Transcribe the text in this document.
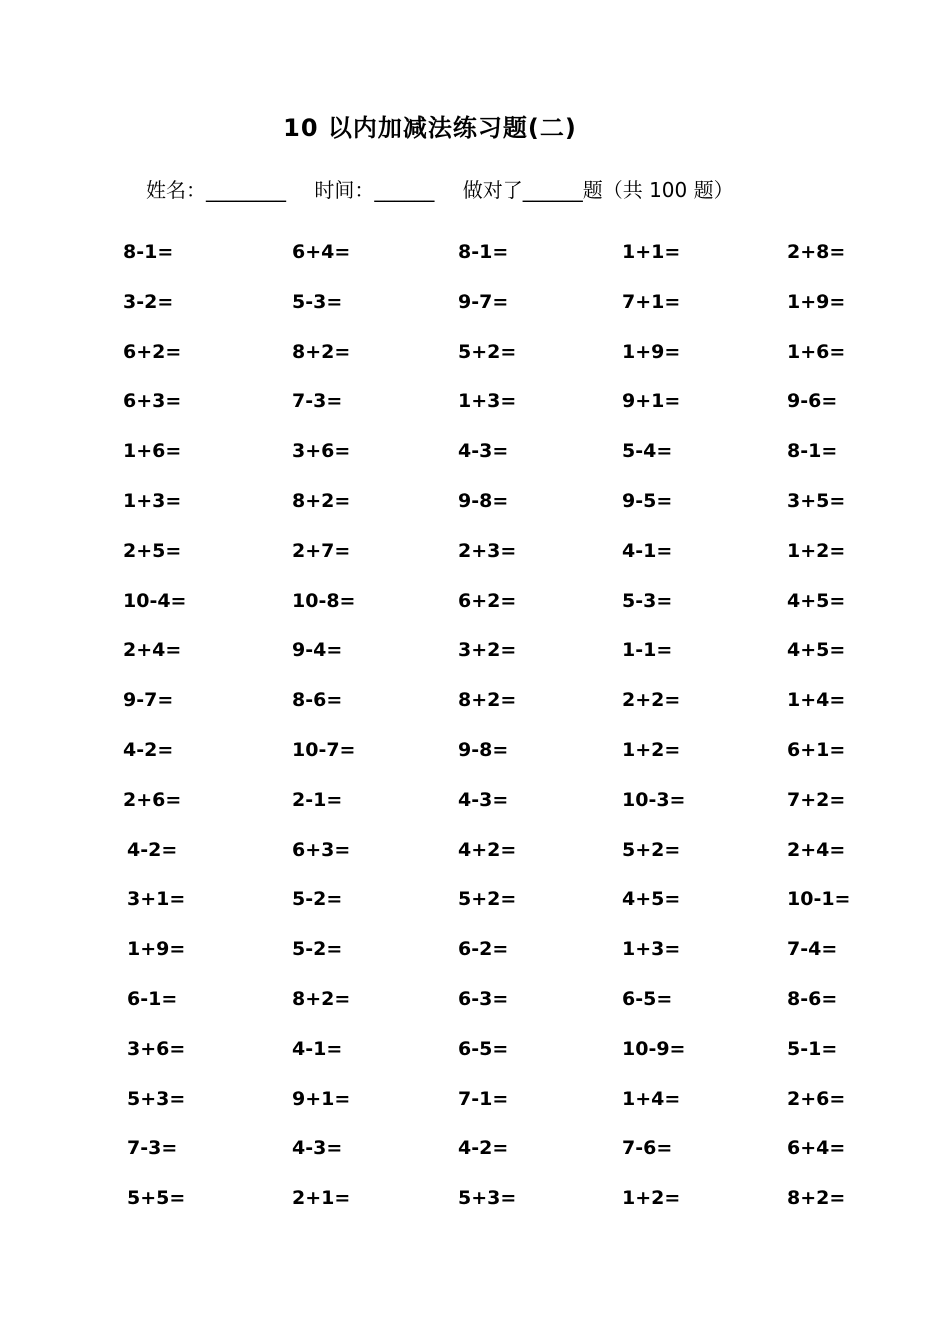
10 以内加减法练习题(二)
姓名：________ 时间：______ 做对了______题（共 100 题）
8-1=	6+4=	8-1=	1+1=	2+8=
3-2=	5-3=	9-7=	7+1=	1+9=
6+2=	8+2=	5+2=	1+9=	1+6=
6+3=	7-3=	1+3=	9+1=	9-6=
1+6=	3+6=	4-3=	5-4=	8-1=
1+3=	8+2=	9-8=	9-5=	3+5=
2+5=	2+7=	2+3=	4-1=	1+2=
10-4=	10-8=	6+2=	5-3=	4+5=
2+4=	9-4=	3+2=	1-1=	4+5=
9-7=	8-6=	8+2=	2+2=	1+4=
4-2=	10-7=	9-8=	1+2=	6+1=
2+6=	2-1=	4-3=	10-3=	7+2=
4-2=	6+3=	4+2=	5+2=	2+4=
3+1=	5-2=	5+2=	4+5=	10-1=
1+9=	5-2=	6-2=	1+3=	7-4=
6-1=	8+2=	6-3=	6-5=	8-6=
3+6=	4-1=	6-5=	10-9=	5-1=
5+3=	9+1=	7-1=	1+4=	2+6=
7-3=	4-3=	4-2=	7-6=	6+4=
5+5=	2+1=	5+3=	1+2=	8+2=
